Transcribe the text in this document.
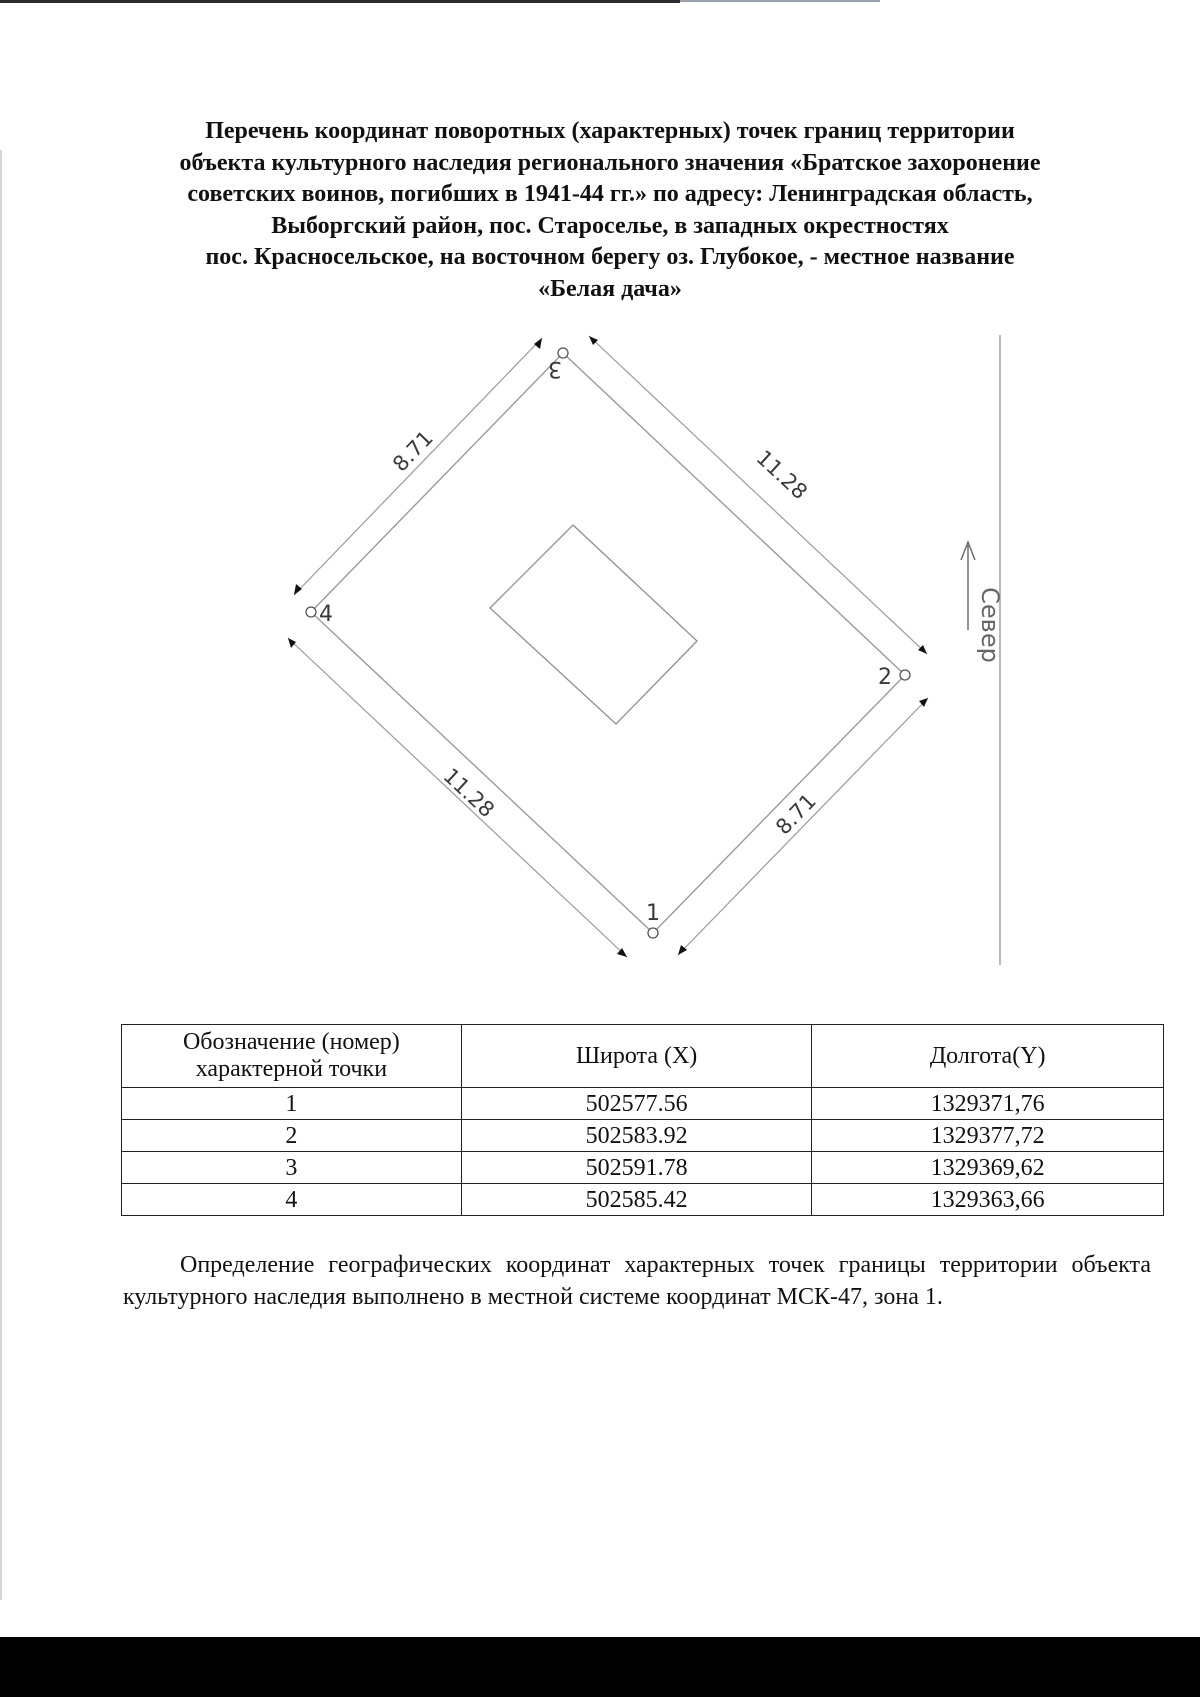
Перечень координат поворотных (характерных) точек границ территории
объекта культурного наследия регионального значения «Братское захоронение
советских воинов, погибших в 1941-44 гг.» по адресу: Ленинградская область,
Выборгский район, пос. Староселье, в западных окрестностях
пос. Красносельское, на восточном берегу оз. Глубокое, - местное название
«Белая дача»
8.71	11.28
11.28	8.71
1
2
3
4	Север
Обозначение (номер) характерной точки	Широта (X)	Долгота(Y)
1	502577.56	1329371,76
2	502583.92	1329377,72
3	502591.78	1329369,62
4	502585.42	1329363,66
Определение географических координат характерных точек границы территории объекта культурного наследия выполнено в местной системе координат МСК-47, зона 1.
